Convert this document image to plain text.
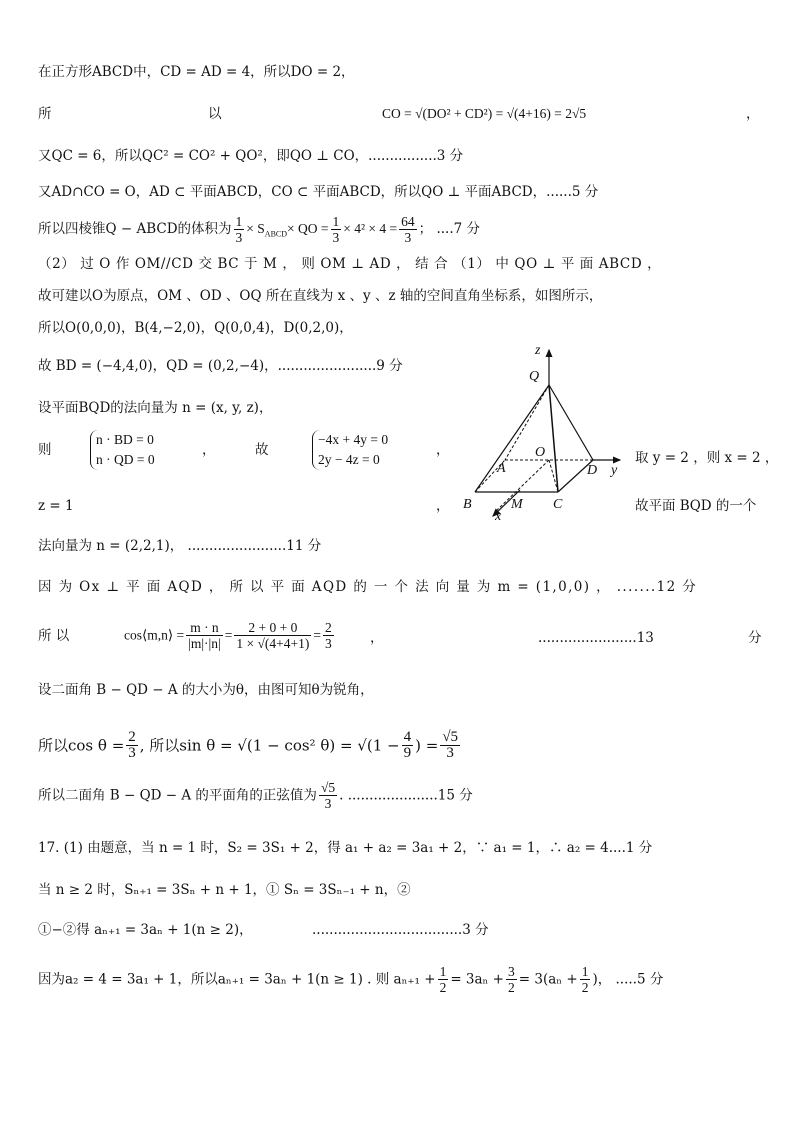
在正方形ABCD中，CD = AD = 4，所以DO = 2，
所	以	CO = √(DO² + CD²) = √(4+16) = 2√5	，
又QC = 6，所以QC² = CO² + QO²，即QO ⊥ CO，................3 分
又AD∩CO = O，AD ⊂ 平面ABCD，CO ⊂ 平面ABCD，所以QO ⊥ 平面ABCD，......5 分
所以四棱锥Q − ABCD的体积为 $\frac{1}{3} \times S_{ABCD}\times$ QO = $\frac{1}{3} \times 4^2 \times 4 = \frac{64}{3}$ ； ....7 分
（2） 过 O 作 OM//CD 交 BC 于 M ， 则 OM ⊥ AD ， 结 合 （1） 中 QO ⊥ 平 面 ABCD ，
故可建以O为原点，OM 、OD 、OQ 所在直线为 x 、y 、z 轴的空间直角坐标系，如图所示，
所以O(0,0,0)，B(4,−2,0)，Q(0,0,4)，D(0,2,0)，
故 BD = (−4,4,0)，QD = (0,2,−4)，.......................9 分
设平面BQD的法向量为 n = (x, y, z)，
则
n · BD = 0
n · QD = 0
，	故
−4x + 4y = 0
2y − 4z = 0
，	取 y = 2 ，则 x = 2 ，
z = 1	，	故平面 BQD 的一个
z
Q
O
A	D y
B	M C
x
法向量为 n = (2,2,1)， .......................11 分
因 为 Ox ⊥ 平 面 AQD ， 所 以 平 面 AQD 的 一 个 法 向 量 为 m = (1,0,0) ， .......12 分
所 以	cos⟨m,n⟩ = $\frac{m \cdot n}{|m|\cdot|n|} = \frac{2 + 0 + 0}{1 \times √(4+4+1)} = \frac{2}{3}$	，	.......................13	分
设二面角 B − QD − A 的大小为θ，由图可知θ为锐角，
所以$\cos \theta = \frac{2}{3}$ , 所以sin θ = √(1 − cos² $\theta) = √(1 - \frac{4}{9}$ ) = $\frac{√5}{3}$
所以二面角 B − QD − A 的平面角的正弦值为 $\frac{√5}{3}$ . .....................15 分
17. (1) 由题意，当 n = 1 时，S₂ = 3S₁ + 2，得 a₁ + a₂ = 3a₁ + 2，∵ a₁ = 1，∴ a₂ = 4....1 分
当 n ≥ 2 时，Sₙ₊₁ = 3Sₙ + n + 1，① Sₙ = 3Sₙ₋₁ + n，②
①−②得 aₙ₊₁ = 3aₙ + 1(n ≥ 2)，	...................................3 分
因为a₂ = 4 = 3a₁ + 1，所以aₙ₊₁ = 3aₙ + 1(n ≥ 1) . 则 $a_{n+1} + \frac{1}{2} = 3a_n + \frac{3}{2} = 3(a_n + \frac{1}{2}$ )， .....5 分
